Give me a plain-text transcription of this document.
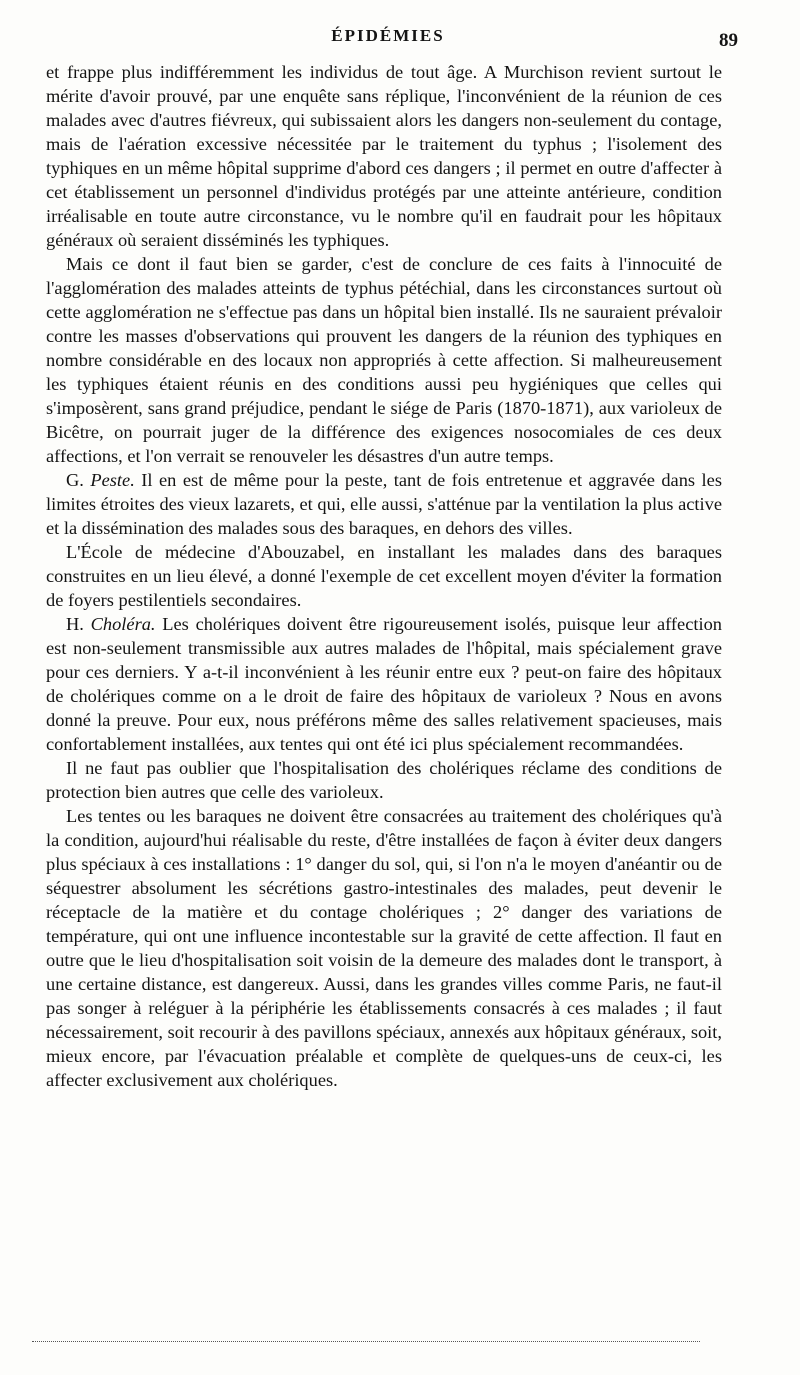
ÉPIDÉMIES	89

et frappe plus indifféremment les individus de tout âge. A Murchison revient surtout le mérite d'avoir prouvé, par une enquête sans réplique, l'inconvénient de la réunion de ces malades avec d'autres fiévreux, qui subissaient alors les dangers non-seulement du contage, mais de l'aération excessive nécessitée par le traitement du typhus ; l'isolement des typhiques en un même hôpital supprime d'abord ces dangers ; il permet en outre d'affecter à cet établissement un personnel d'individus protégés par une atteinte antérieure, condition irréalisable en toute autre circonstance, vu le nombre qu'il en faudrait pour les hôpitaux généraux où seraient disséminés les typhiques.

Mais ce dont il faut bien se garder, c'est de conclure de ces faits à l'innocuité de l'agglomération des malades atteints de typhus pétéchial, dans les circonstances surtout où cette agglomération ne s'effectue pas dans un hôpital bien installé. Ils ne sauraient prévaloir contre les masses d'observations qui prouvent les dangers de la réunion des typhiques en nombre considérable en des locaux non appropriés à cette affection. Si malheureusement les typhiques étaient réunis en des conditions aussi peu hygiéniques que celles qui s'imposèrent, sans grand préjudice, pendant le siége de Paris (1870-1871), aux varioleux de Bicêtre, on pourrait juger de la différence des exigences nosocomiales de ces deux affections, et l'on verrait se renouveler les désastres d'un autre temps.

G. Peste. Il en est de même pour la peste, tant de fois entretenue et aggravée dans les limites étroites des vieux lazarets, et qui, elle aussi, s'atténue par la ventilation la plus active et la dissémination des malades sous des baraques, en dehors des villes.

L'École de médecine d'Abouzabel, en installant les malades dans des baraques construites en un lieu élevé, a donné l'exemple de cet excellent moyen d'éviter la formation de foyers pestilentiels secondaires.

H. Choléra. Les cholériques doivent être rigoureusement isolés, puisque leur affection est non-seulement transmissible aux autres malades de l'hôpital, mais spécialement grave pour ces derniers. Y a-t-il inconvénient à les réunir entre eux ? peut-on faire des hôpitaux de cholériques comme on a le droit de faire des hôpitaux de varioleux ? Nous en avons donné la preuve. Pour eux, nous préférons même des salles relativement spacieuses, mais confortablement installées, aux tentes qui ont été ici plus spécialement recommandées.

Il ne faut pas oublier que l'hospitalisation des cholériques réclame des conditions de protection bien autres que celle des varioleux.

Les tentes ou les baraques ne doivent être consacrées au traitement des cholériques qu'à la condition, aujourd'hui réalisable du reste, d'être installées de façon à éviter deux dangers plus spéciaux à ces installations : 1° danger du sol, qui, si l'on n'a le moyen d'anéantir ou de séquestrer absolument les sécrétions gastro-intestinales des malades, peut devenir le réceptacle de la matière et du contage cholériques ; 2° danger des variations de température, qui ont une influence incontestable sur la gravité de cette affection. Il faut en outre que le lieu d'hospitalisation soit voisin de la demeure des malades dont le transport, à une certaine distance, est dangereux. Aussi, dans les grandes villes comme Paris, ne faut-il pas songer à reléguer à la périphérie les établissements consacrés à ces malades ; il faut nécessairement, soit recourir à des pavillons spéciaux, annexés aux hôpitaux généraux, soit, mieux encore, par l'évacuation préalable et complète de quelques-uns de ceux-ci, les affecter exclusivement aux cholériques.
